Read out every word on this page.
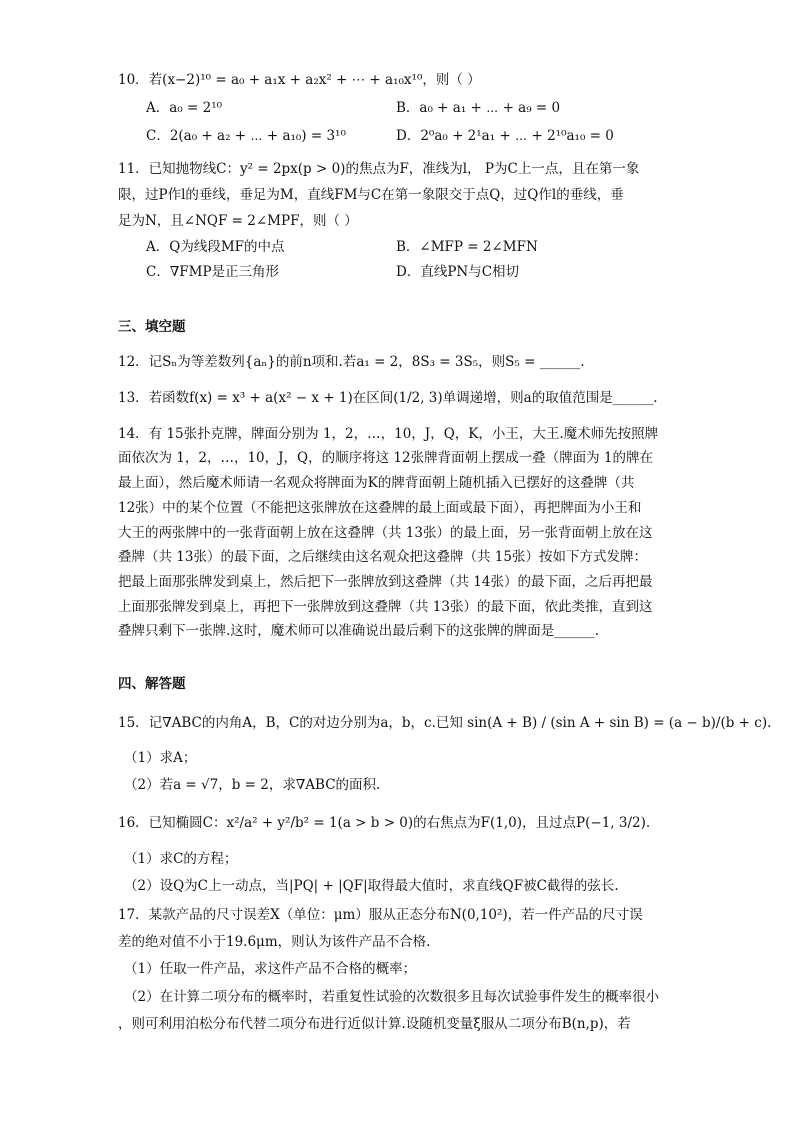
10．若(x−2)¹⁰ = a₀ + a₁x + a₂x² + ⋯ + a₁₀x¹⁰，则（ ）
A．a₀ = 2¹⁰	B．a₀ + a₁ + ⋯ + a₉ = 0
C．2(a₀ + a₂ + ⋯ + a₁₀) = 3¹⁰	D．2⁰a₀ + 2¹a₁ + ⋯ + 2¹⁰a₁₀ = 0
11．已知抛物线C：y² = 2px(p > 0)的焦点为F，准线为l， P为C上一点，且在第一象
限，过P作l的垂线，垂足为M，直线FM与C在第一象限交于点Q，过Q作l的垂线，垂
足为N，且∠NQF = 2∠MPF，则（ ）
A．Q为线段MF的中点	B．∠MFP = 2∠MFN
C．∇FMP是正三角形	D．直线PN与C相切
三、填空题
12．记Sₙ为等差数列{aₙ}的前n项和.若a₁ = 2，8S₃ = 3S₅，则S₅ = ______.
13．若函数f(x) = x³ + a(x² − x + 1)在区间(1/2, 3)单调递增，则a的取值范围是______.
14．有 15张扑克牌，牌面分别为 1，2，…，10，J，Q，K，小王，大王.魔术师先按照牌
面依次为 1，2，…，10，J，Q，的顺序将这 12张牌背面朝上摆成一叠（牌面为 1的牌在
最上面），然后魔术师请一名观众将牌面为K的牌背面朝上随机插入已摆好的这叠牌（共
12张）中的某个位置（不能把这张牌放在这叠牌的最上面或最下面），再把牌面为小王和
大王的两张牌中的一张背面朝上放在这叠牌（共 13张）的最上面，另一张背面朝上放在这
叠牌（共 13张）的最下面，之后继续由这名观众把这叠牌（共 15张）按如下方式发牌：
把最上面那张牌发到桌上，然后把下一张牌放到这叠牌（共 14张）的最下面，之后再把最
上面那张牌发到桌上，再把下一张牌放到这叠牌（共 13张）的最下面，依此类推，直到这
叠牌只剩下一张牌.这时，魔术师可以准确说出最后剩下的这张牌的牌面是______.
四、解答题
15．记∇ABC的内角A，B，C的对边分别为a，b，c.已知 sin(A + B) / (sin A + sin B) = (a − b)/(b + c).
（1）求A；
（2）若a = √7，b = 2，求∇ABC的面积.
16．已知椭圆C：x²/a² + y²/b² = 1(a > b > 0)的右焦点为F(1,0)，且过点P(−1, 3/2).
（1）求C的方程；
（2）设Q为C上一动点，当|PQ| + |QF|取得最大值时，求直线QF被C截得的弦长.
17．某款产品的尺寸误差X（单位：μm）服从正态分布N(0,10²)，若一件产品的尺寸误
差的绝对值不小于19.6μm，则认为该件产品不合格.
（1）任取一件产品，求这件产品不合格的概率；
（2）在计算二项分布的概率时，若重复性试验的次数很多且每次试验事件发生的概率很小
，则可利用泊松分布代替二项分布进行近似计算.设随机变量ξ服从二项分布B(n,p)，若
